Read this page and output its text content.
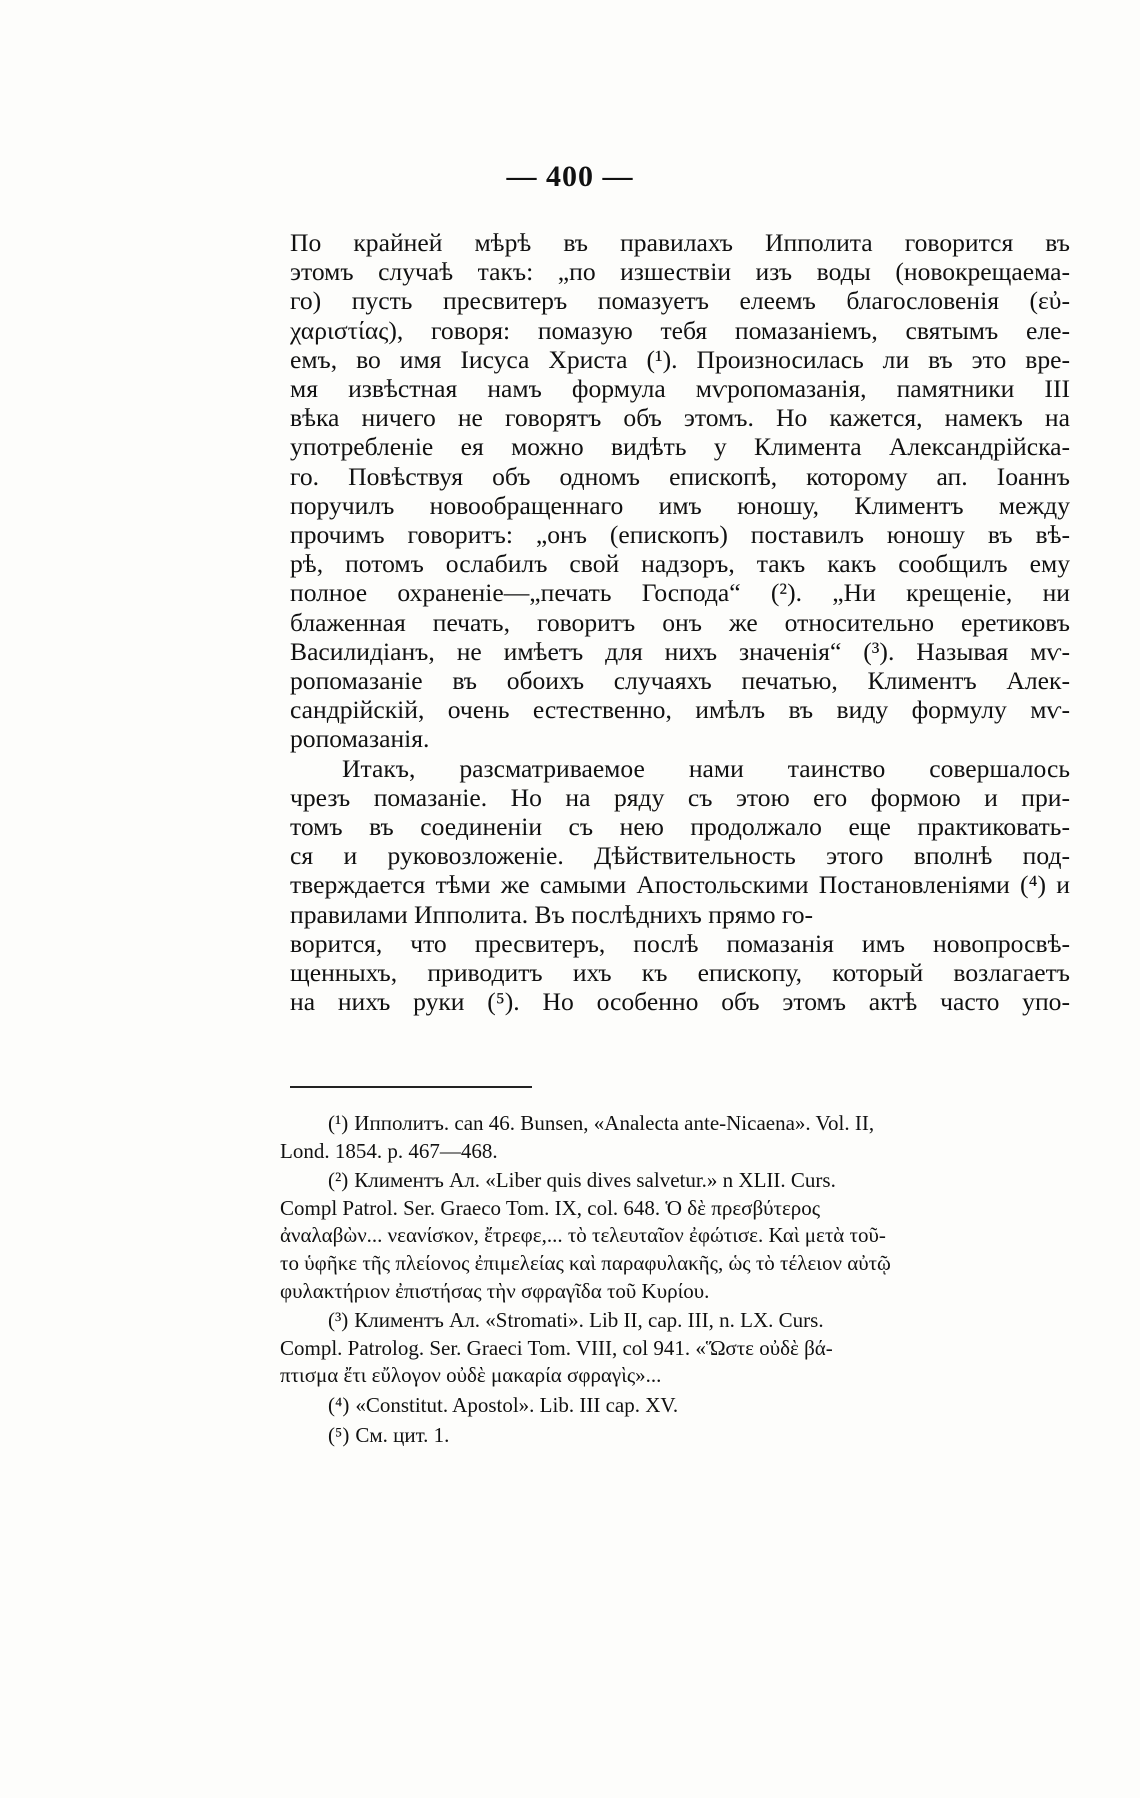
— 400 —

По крайней мѣрѣ въ правилахъ Ипполита говорится въ

этомъ случаѣ такъ: „по изшествіи изъ воды (новокрещаема-

го) пусть пресвитеръ помазуетъ елеемъ благословенія (εὐ-

χαριστίας), говоря: помазую тебя помазаніемъ, святымъ еле-

емъ, во имя Іисуса Христа (¹). Произносилась ли въ это вре-

мя извѣстная намъ формула мѵропомазанія, памятники III

вѣка ничего не говорятъ объ этомъ. Но кажется, намекъ на

употребленіе ея можно видѣть у Климента Александрійска-

го. Повѣствуя объ одномъ епископѣ, которому ап. Іоаннъ

поручилъ новообращеннаго имъ юношу, Климентъ между

прочимъ говоритъ: „онъ (епископъ) поставилъ юношу въ вѣ-

рѣ, потомъ ослабилъ свой надзоръ, такъ какъ сообщилъ ему

полное охраненіе—„печать Господа“ (²). „Ни крещеніе, ни

блаженная печать, говоритъ онъ же относительно еретиковъ

Василидіанъ, не имѣетъ для нихъ значенія“ (³). Называя мѵ-

ропомазаніе въ обоихъ случаяхъ печатью, Климентъ Алек-

сандрійскій, очень естественно, имѣлъ въ виду формулу мѵ-

ропомазанія.

Итакъ, разсматриваемое нами таинство совершалось

чрезъ помазаніе. Но на ряду съ этою его формою и при-

томъ въ соединеніи съ нею продолжало еще практиковать-

ся и руковозложеніе. Дѣйствительность этого вполнѣ под-

тверждается тѣми же самыми Апостольскими Постановленіями (⁴) и правилами Ипполита. Въ послѣднихъ прямо го-

ворится, что пресвитеръ, послѣ помазанія имъ новопросвѣ-

щенныхъ, приводитъ ихъ къ епископу, который возлагаетъ

на нихъ руки (⁵). Но особенно объ этомъ актѣ часто упо-

(¹) Ипполитъ. can 46. Bunsen, «Analecta ante-Nicaena». Vol. II,
Lond. 1854. p. 467—468.
(²) Климентъ Ал. «Liber quis dives salvetur.» n XLII. Curs.
Compl Patrol. Ser. Graeco Tom. IX, col. 648. Ὁ δὲ πρεσβύτερος
ἀναλαβὼν... νεανίσκον, ἔτρεφε,... τὸ τελευταῖον ἐφώτισε. Καὶ μετὰ τοῦ-
το ὑφῆκε τῆς πλείονος ἐπιμελείας καὶ παραφυλακῆς, ὡς τὸ τέλειον αὐτῷ
φυλακτήριον ἐπιστήσας τὴν σφραγῖδα τοῦ Κυρίου.
(³) Климентъ Ал. «Stromati». Lib II, cap. III, n. LX. Curs.
Compl. Patrolog. Ser. Graeci Tom. VIII, col 941. «Ὥστε οὐδὲ βά-
πτισμα ἔτι εὔλογον οὐδὲ μακαρία σφραγὶς»...
(⁴) «Constitut. Apostol». Lib. III cap. XV.
(⁵) См. цит. 1.
